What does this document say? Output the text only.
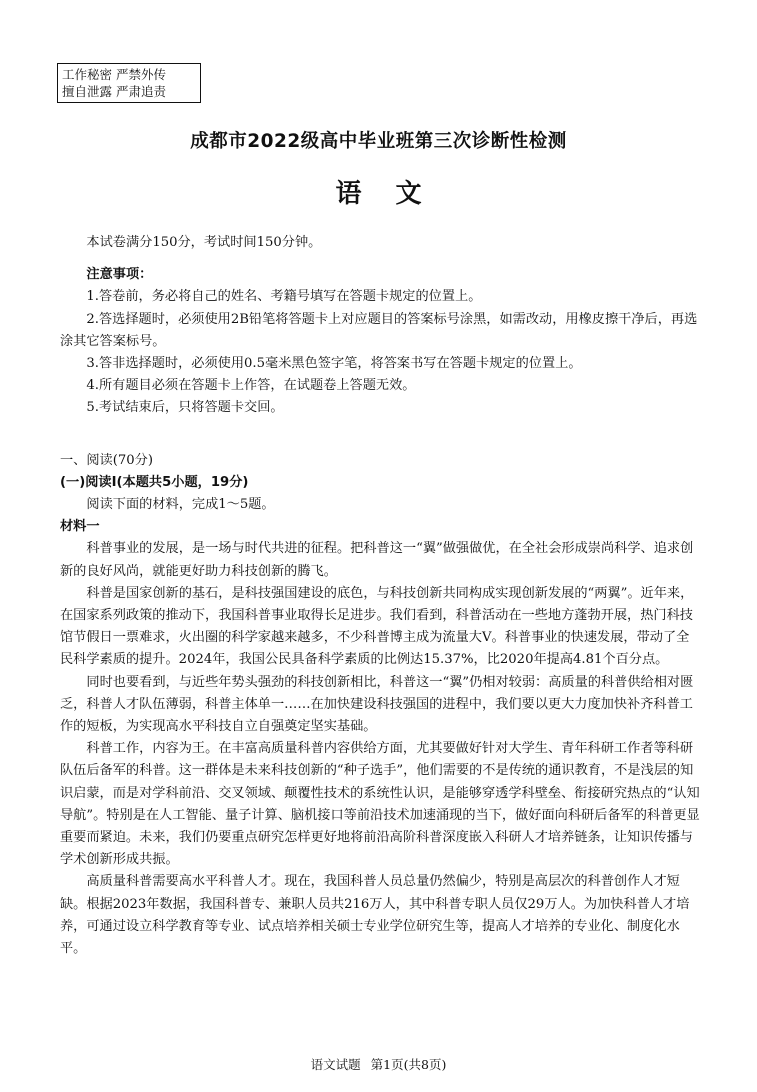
工作秘密 严禁外传
擅自泄露 严肃追责
成都市2022级高中毕业班第三次诊断性检测
语文

本试卷满分150分，考试时间150分钟。

注意事项：

1.答卷前，务必将自己的姓名、考籍号填写在答题卡规定的位置上。

2.答选择题时，必须使用2B铅笔将答题卡上对应题目的答案标号涂黑，如需改动，用橡皮擦干净后，再选涂其它答案标号。

3.答非选择题时，必须使用0.5毫米黑色签字笔，将答案书写在答题卡规定的位置上。

4.所有题目必须在答题卡上作答，在试题卷上答题无效。

5.考试结束后，只将答题卡交回。

一、阅读(70分)

(一)阅读Ⅰ(本题共5小题，19分)

阅读下面的材料，完成1～5题。

材料一

科普事业的发展，是一场与时代共进的征程。把科普这一“翼”做强做优，在全社会形成崇尚科学、追求创新的良好风尚，就能更好助力科技创新的腾飞。

科普是国家创新的基石，是科技强国建设的底色，与科技创新共同构成实现创新发展的“两翼”。近年来，在国家系列政策的推动下，我国科普事业取得长足进步。我们看到，科普活动在一些地方蓬勃开展，热门科技馆节假日一票难求，火出圈的科学家越来越多，不少科普博主成为流量大V。科普事业的快速发展，带动了全民科学素质的提升。2024年，我国公民具备科学素质的比例达15.37%，比2020年提高4.81个百分点。

同时也要看到，与近些年势头强劲的科技创新相比，科普这一“翼”仍相对较弱：高质量的科普供给相对匮乏，科普人才队伍薄弱，科普主体单一……在加快建设科技强国的进程中，我们要以更大力度加快补齐科普工作的短板，为实现高水平科技自立自强奠定坚实基础。

科普工作，内容为王。在丰富高质量科普内容供给方面，尤其要做好针对大学生、青年科研工作者等科研队伍后备军的科普。这一群体是未来科技创新的“种子选手”，他们需要的不是传统的通识教育，不是浅层的知识启蒙，而是对学科前沿、交叉领域、颠覆性技术的系统性认识，是能够穿透学科壁垒、衔接研究热点的“认知导航”。特别是在人工智能、量子计算、脑机接口等前沿技术加速涌现的当下，做好面向科研后备军的科普更显重要而紧迫。未来，我们仍要重点研究怎样更好地将前沿高阶科普深度嵌入科研人才培养链条，让知识传播与学术创新形成共振。

高质量科普需要高水平科普人才。现在，我国科普人员总量仍然偏少，特别是高层次的科普创作人才短缺。根据2023年数据，我国科普专、兼职人员共216万人，其中科普专职人员仅29万人。为加快科普人才培养，可通过设立科学教育等专业、试点培养相关硕士专业学位研究生等，提高人才培养的专业化、制度化水平。

语文试题 第1页(共8页)
